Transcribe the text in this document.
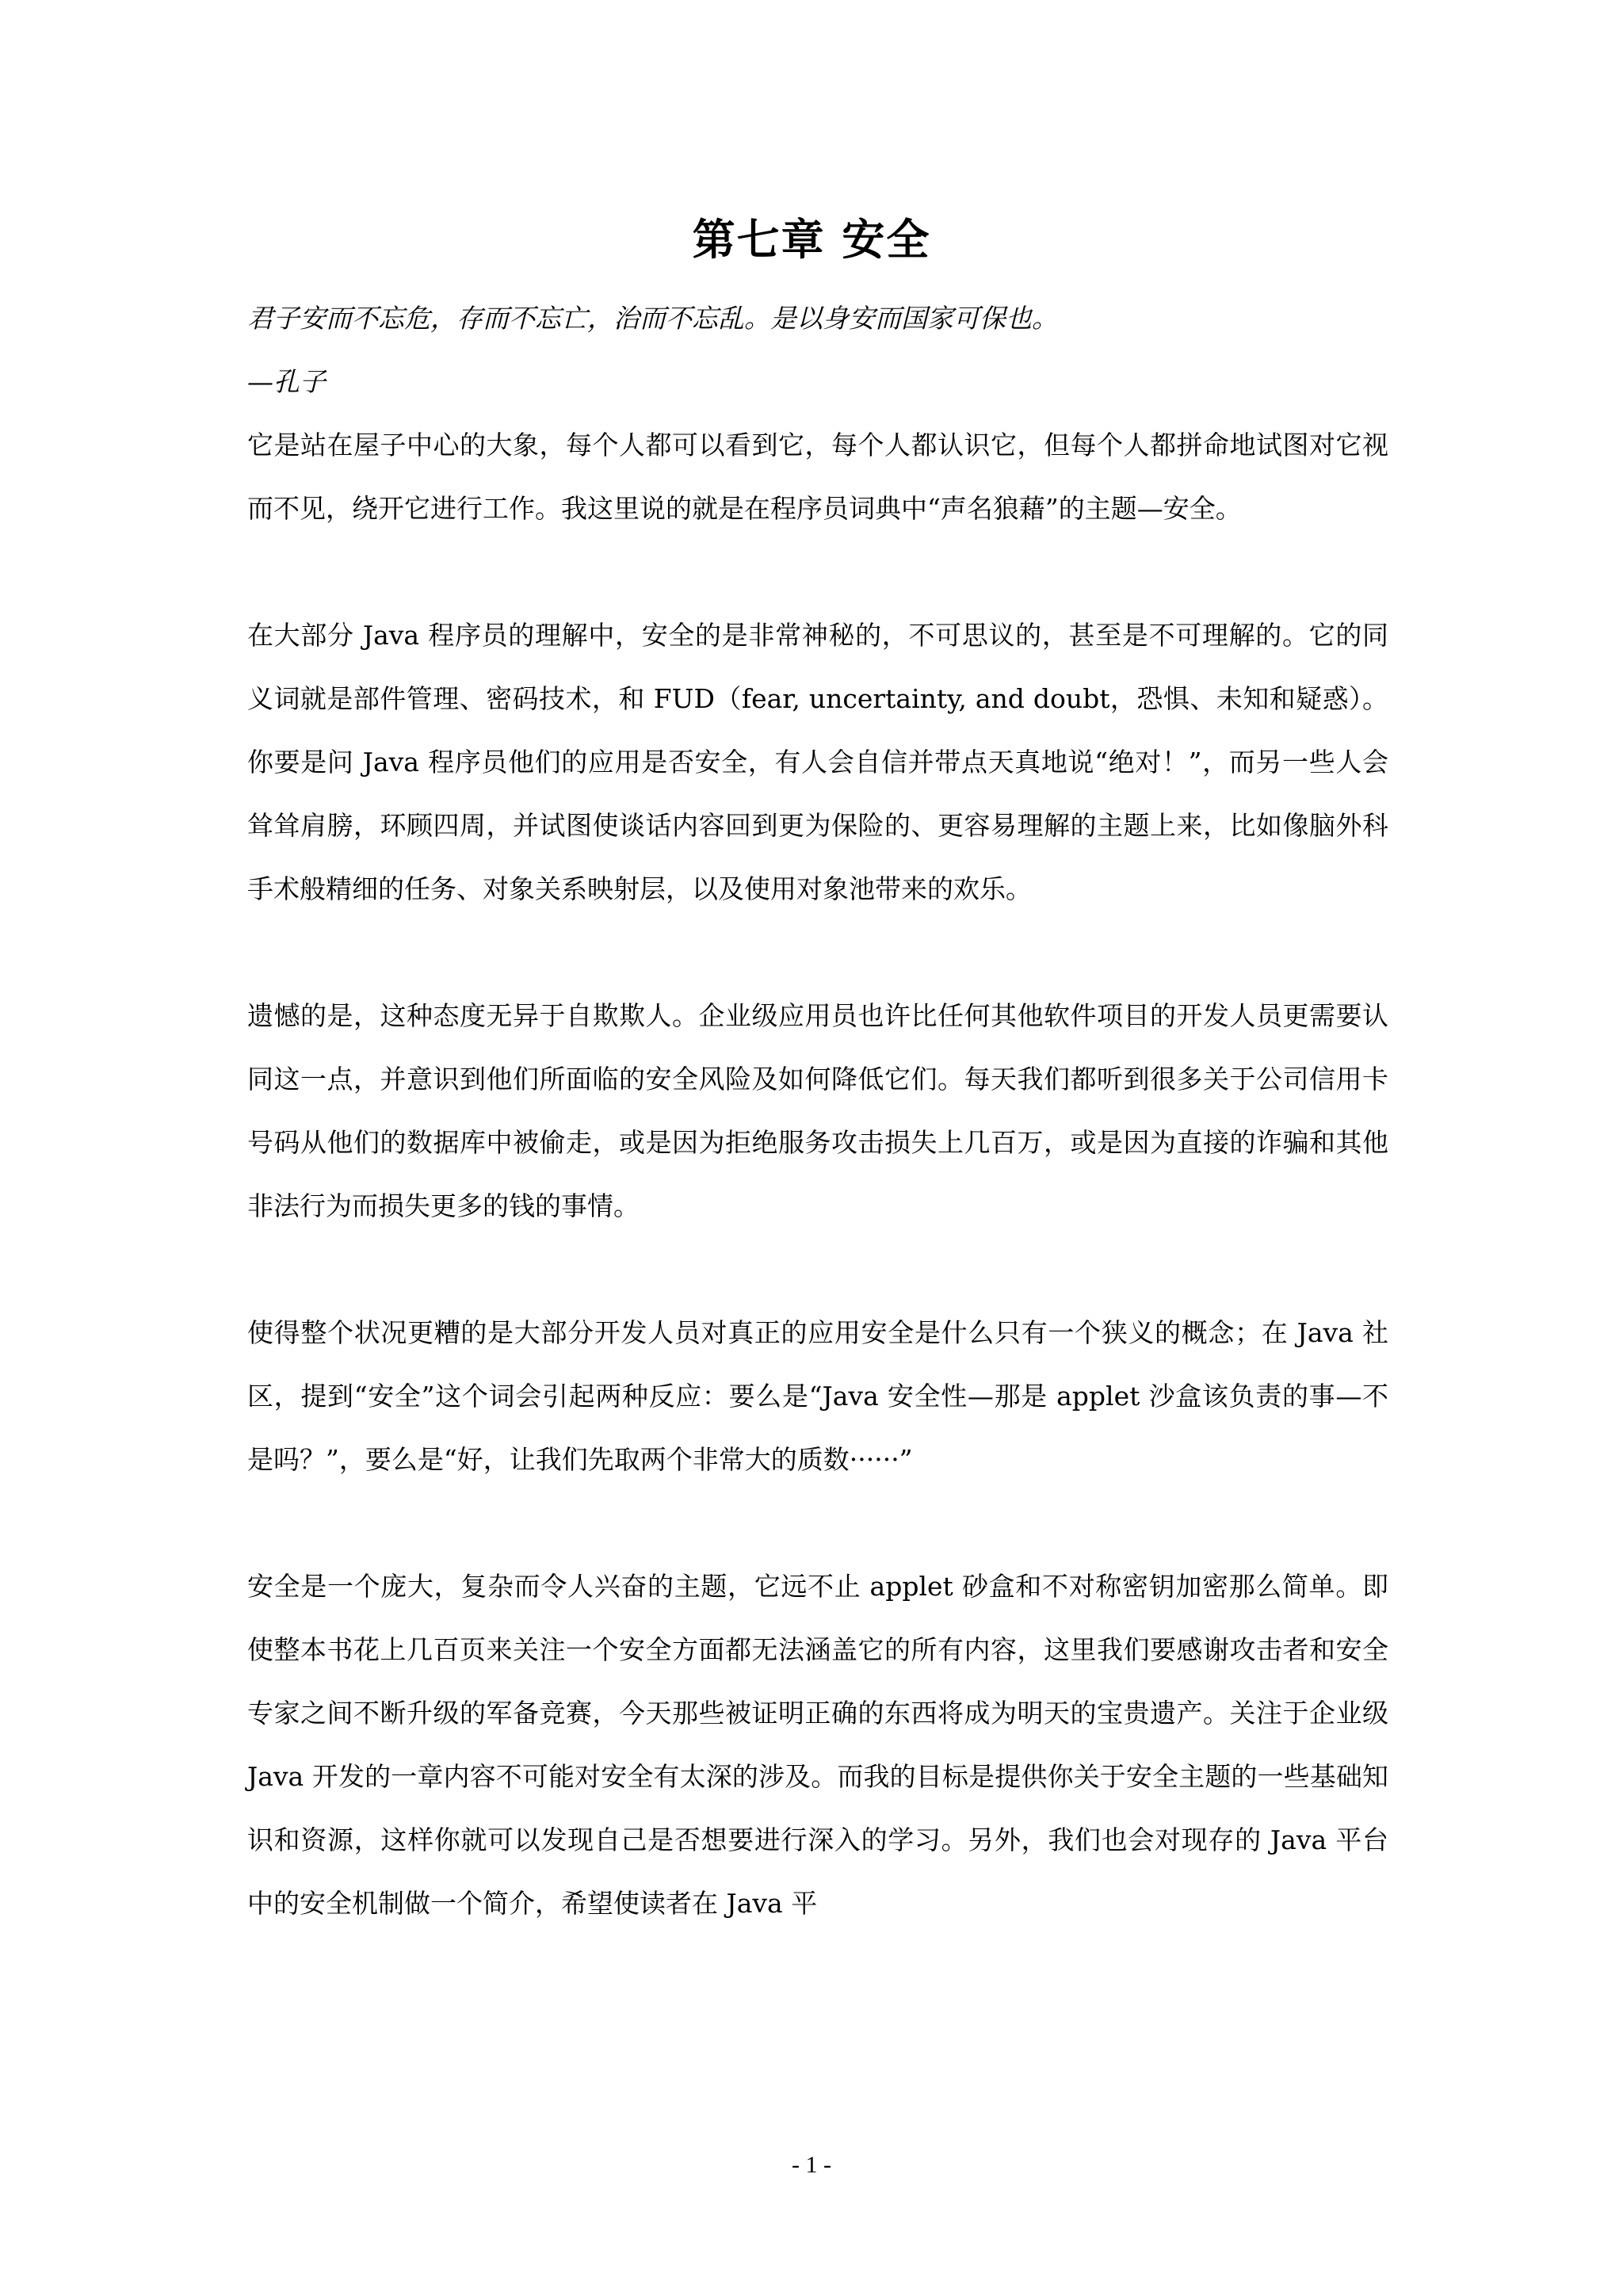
第七章 安全

君子安而不忘危，存而不忘亡，治而不忘乱。是以身安而国家可保也。

—孔子

它是站在屋子中心的大象，每个人都可以看到它，每个人都认识它，但每个人都拼命地试图对它视而不见，绕开它进行工作。我这里说的就是在程序员词典中“声名狼藉”的主题—安全。

在大部分 Java 程序员的理解中，安全的是非常神秘的，不可思议的，甚至是不可理解的。它的同义词就是部件管理、密码技术，和 FUD（fear, uncertainty, and doubt，恐惧、未知和疑惑）。你要是问 Java 程序员他们的应用是否安全，有人会自信并带点天真地说“绝对！”，而另一些人会耸耸肩膀，环顾四周，并试图使谈话内容回到更为保险的、更容易理解的主题上来，比如像脑外科手术般精细的任务、对象关系映射层，以及使用对象池带来的欢乐。

遗憾的是，这种态度无异于自欺欺人。企业级应用员也许比任何其他软件项目的开发人员更需要认同这一点，并意识到他们所面临的安全风险及如何降低它们。每天我们都听到很多关于公司信用卡号码从他们的数据库中被偷走，或是因为拒绝服务攻击损失上几百万，或是因为直接的诈骗和其他非法行为而损失更多的钱的事情。

使得整个状况更糟的是大部分开发人员对真正的应用安全是什么只有一个狭义的概念；在 Java 社区，提到“安全”这个词会引起两种反应：要么是“Java 安全性—那是 applet 沙盒该负责的事—不是吗？”，要么是“好，让我们先取两个非常大的质数······”

安全是一个庞大，复杂而令人兴奋的主题，它远不止 applet 砂盒和不对称密钥加密那么简单。即使整本书花上几百页来关注一个安全方面都无法涵盖它的所有内容，这里我们要感谢攻击者和安全专家之间不断升级的军备竞赛，今天那些被证明正确的东西将成为明天的宝贵遗产。关注于企业级 Java 开发的一章内容不可能对安全有太深的涉及。而我的目标是提供你关于安全主题的一些基础知识和资源，这样你就可以发现自己是否想要进行深入的学习。另外，我们也会对现存的 Java 平台中的安全机制做一个简介，希望使读者在 Java 平

- 1 -
